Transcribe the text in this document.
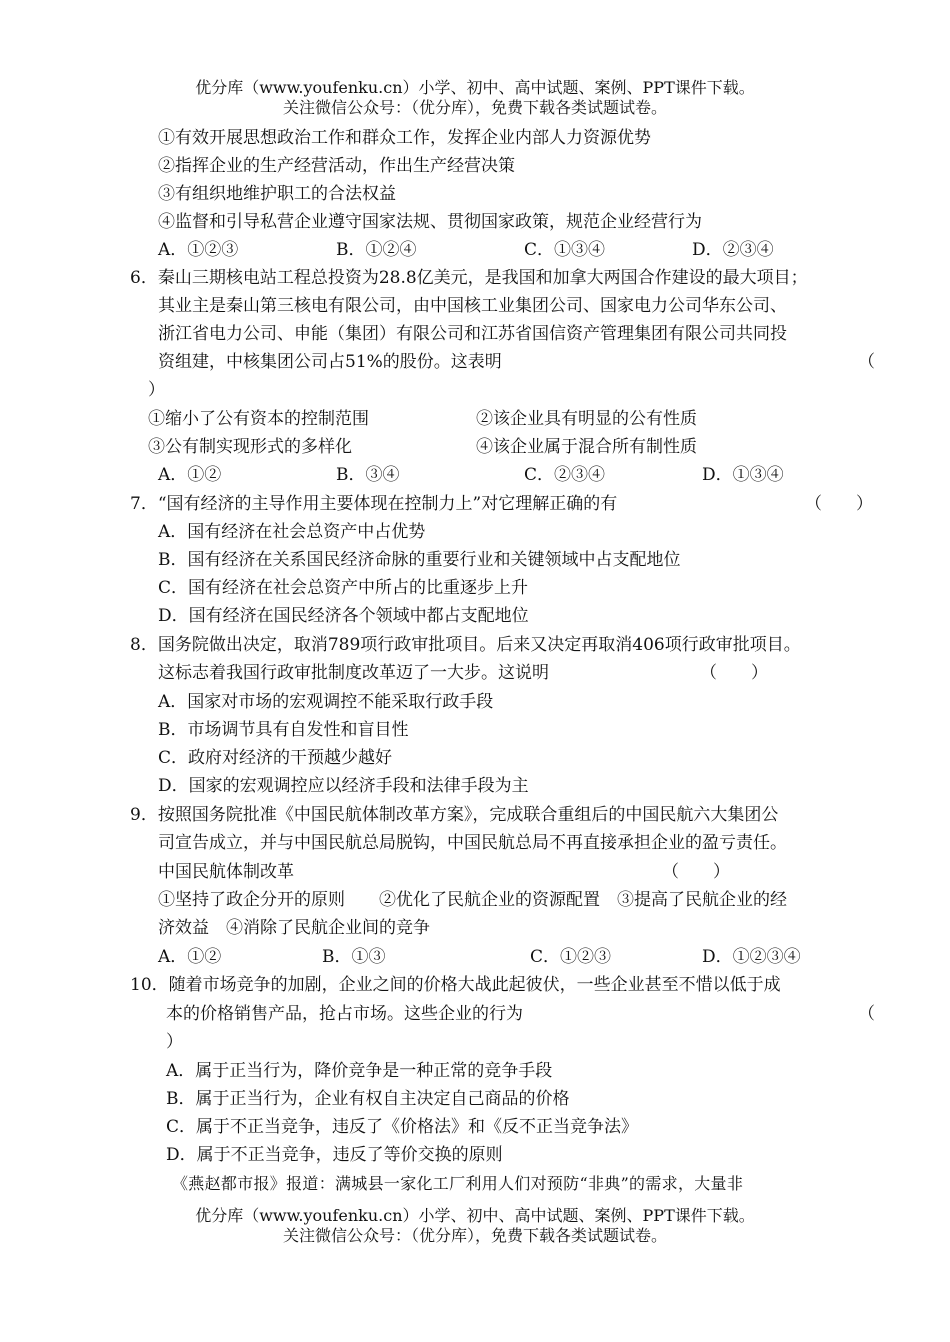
优分库（www.youfenku.cn）小学、初中、高中试题、案例、PPT课件下载。
关注微信公众号：（优分库），免费下载各类试题试卷。
①有效开展思想政治工作和群众工作，发挥企业内部人力资源优势
②指挥企业的生产经营活动，作出生产经营决策
③有组织地维护职工的合法权益
④监督和引导私营企业遵守国家法规、贯彻国家政策，规范企业经营行为
A．①②③	B．①②④	C．①③④	D．②③④
6．秦山三期核电站工程总投资为28.8亿美元，是我国和加拿大两国合作建设的最大项目；
其业主是秦山第三核电有限公司，由中国核工业集团公司、国家电力公司华东公司、
浙江省电力公司、申能（集团）有限公司和江苏省国信资产管理集团有限公司共同投
资组建，中核集团公司占51%的股份。这表明	（
）
①缩小了公有资本的控制范围	②该企业具有明显的公有性质
③公有制实现形式的多样化	④该企业属于混合所有制性质
A．①②	B．③④	C．②③④	D．①③④
7．“国有经济的主导作用主要体现在控制力上”对它理解正确的有	（　　）
A．国有经济在社会总资产中占优势
B．国有经济在关系国民经济命脉的重要行业和关键领域中占支配地位
C．国有经济在社会总资产中所占的比重逐步上升
D．国有经济在国民经济各个领域中都占支配地位
8．国务院做出决定，取消789项行政审批项目。后来又决定再取消406项行政审批项目。
这标志着我国行政审批制度改革迈了一大步。这说明	（　　）
A．国家对市场的宏观调控不能采取行政手段
B．市场调节具有自发性和盲目性
C．政府对经济的干预越少越好
D．国家的宏观调控应以经济手段和法律手段为主
9．按照国务院批准《中国民航体制改革方案》，完成联合重组后的中国民航六大集团公
司宣告成立，并与中国民航总局脱钩，中国民航总局不再直接承担企业的盈亏责任。
中国民航体制改革	（　　）
①坚持了政企分开的原则　　②优化了民航企业的资源配置　③提高了民航企业的经
济效益　④消除了民航企业间的竞争
A．①②	B．①③	C．①②③	D．①②③④
10．随着市场竞争的加剧，企业之间的价格大战此起彼伏，一些企业甚至不惜以低于成
本的价格销售产品，抢占市场。这些企业的行为	（
）
A．属于正当行为，降价竞争是一种正常的竞争手段
B．属于正当行为，企业有权自主决定自己商品的价格
C．属于不正当竞争，违反了《价格法》和《反不正当竞争法》
D．属于不正当竞争，违反了等价交换的原则
《燕赵都市报》报道：满城县一家化工厂利用人们对预防“非典”的需求，大量非
优分库（www.youfenku.cn）小学、初中、高中试题、案例、PPT课件下载。
关注微信公众号：（优分库），免费下载各类试题试卷。
